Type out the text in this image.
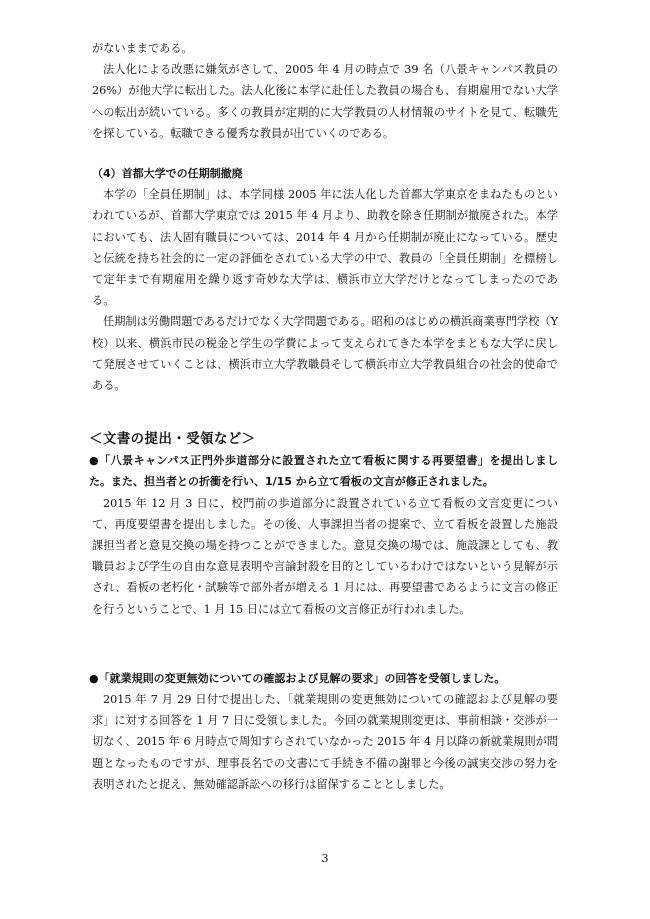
がないままである。

法人化による改悪に嫌気がさして、2005 年 4 月の時点で 39 名（八景キャンパス教員の 26%）が他大学に転出した。法人化後に本学に赴任した教員の場合も、有期雇用でない大学への転出が続いている。多くの教員が定期的に大学教員の人材情報のサイトを見て、転職先を探している。転職できる優秀な教員が出ていくのである。

（4）首都大学での任期制撤廃

本学の「全員任期制」は、本学同様 2005 年に法人化した首都大学東京をまねたものといわれているが、首都大学東京では 2015 年 4 月より、助教を除き任期制が撤廃された。本学においても、法人固有職員については、2014 年 4 月から任期制が廃止になっている。歴史と伝統を持ち社会的に一定の評価をされている大学の中で、教員の「全員任期制」を標榜して定年まで有期雇用を繰り返す奇妙な大学は、横浜市立大学だけとなってしまったのである。

任期制は労働問題であるだけでなく大学問題である。昭和のはじめの横浜商業専門学校（Y 校）以来、横浜市民の税金と学生の学費によって支えられてきた本学をまともな大学に戻して発展させていくことは、横浜市立大学教職員そして横浜市立大学教員組合の社会的使命である。

＜文書の提出・受領など＞
●「八景キャンパス正門外歩道部分に設置された立て看板に関する再要望書」を提出しました。また、担当者との折衝を行い、1/15 から立て看板の文言が修正されました。

2015 年 12 月 3 日に、校門前の歩道部分に設置されている立て看板の文言変更について、再度要望書を提出しました。その後、人事課担当者の提案で、立て看板を設置した施設課担当者と意見交換の場を持つことができました。意見交換の場では、施設課としても、教職員および学生の自由な意見表明や言論封殺を目的としているわけではないという見解が示され、看板の老朽化・試験等で部外者が増える 1 月には、再要望書であるように文言の修正を行うということで、1 月 15 日には立て看板の文言修正が行われました。

●「就業規則の変更無効についての確認および見解の要求」の回答を受領しました。

2015 年 7 月 29 日付で提出した、「就業規則の変更無効についての確認および見解の要求」に対する回答を 1 月 7 日に受領しました。今回の就業規則変更は、事前相談・交渉が一切なく、2015 年 6 月時点で周知すらされていなかった 2015 年 4 月以降の新就業規則が問題となったものですが、理事長名での文書にて手続き不備の謝罪と今後の誠実交渉の努力を表明されたと捉え、無効確認訴訟への移行は留保することとしました。

3
